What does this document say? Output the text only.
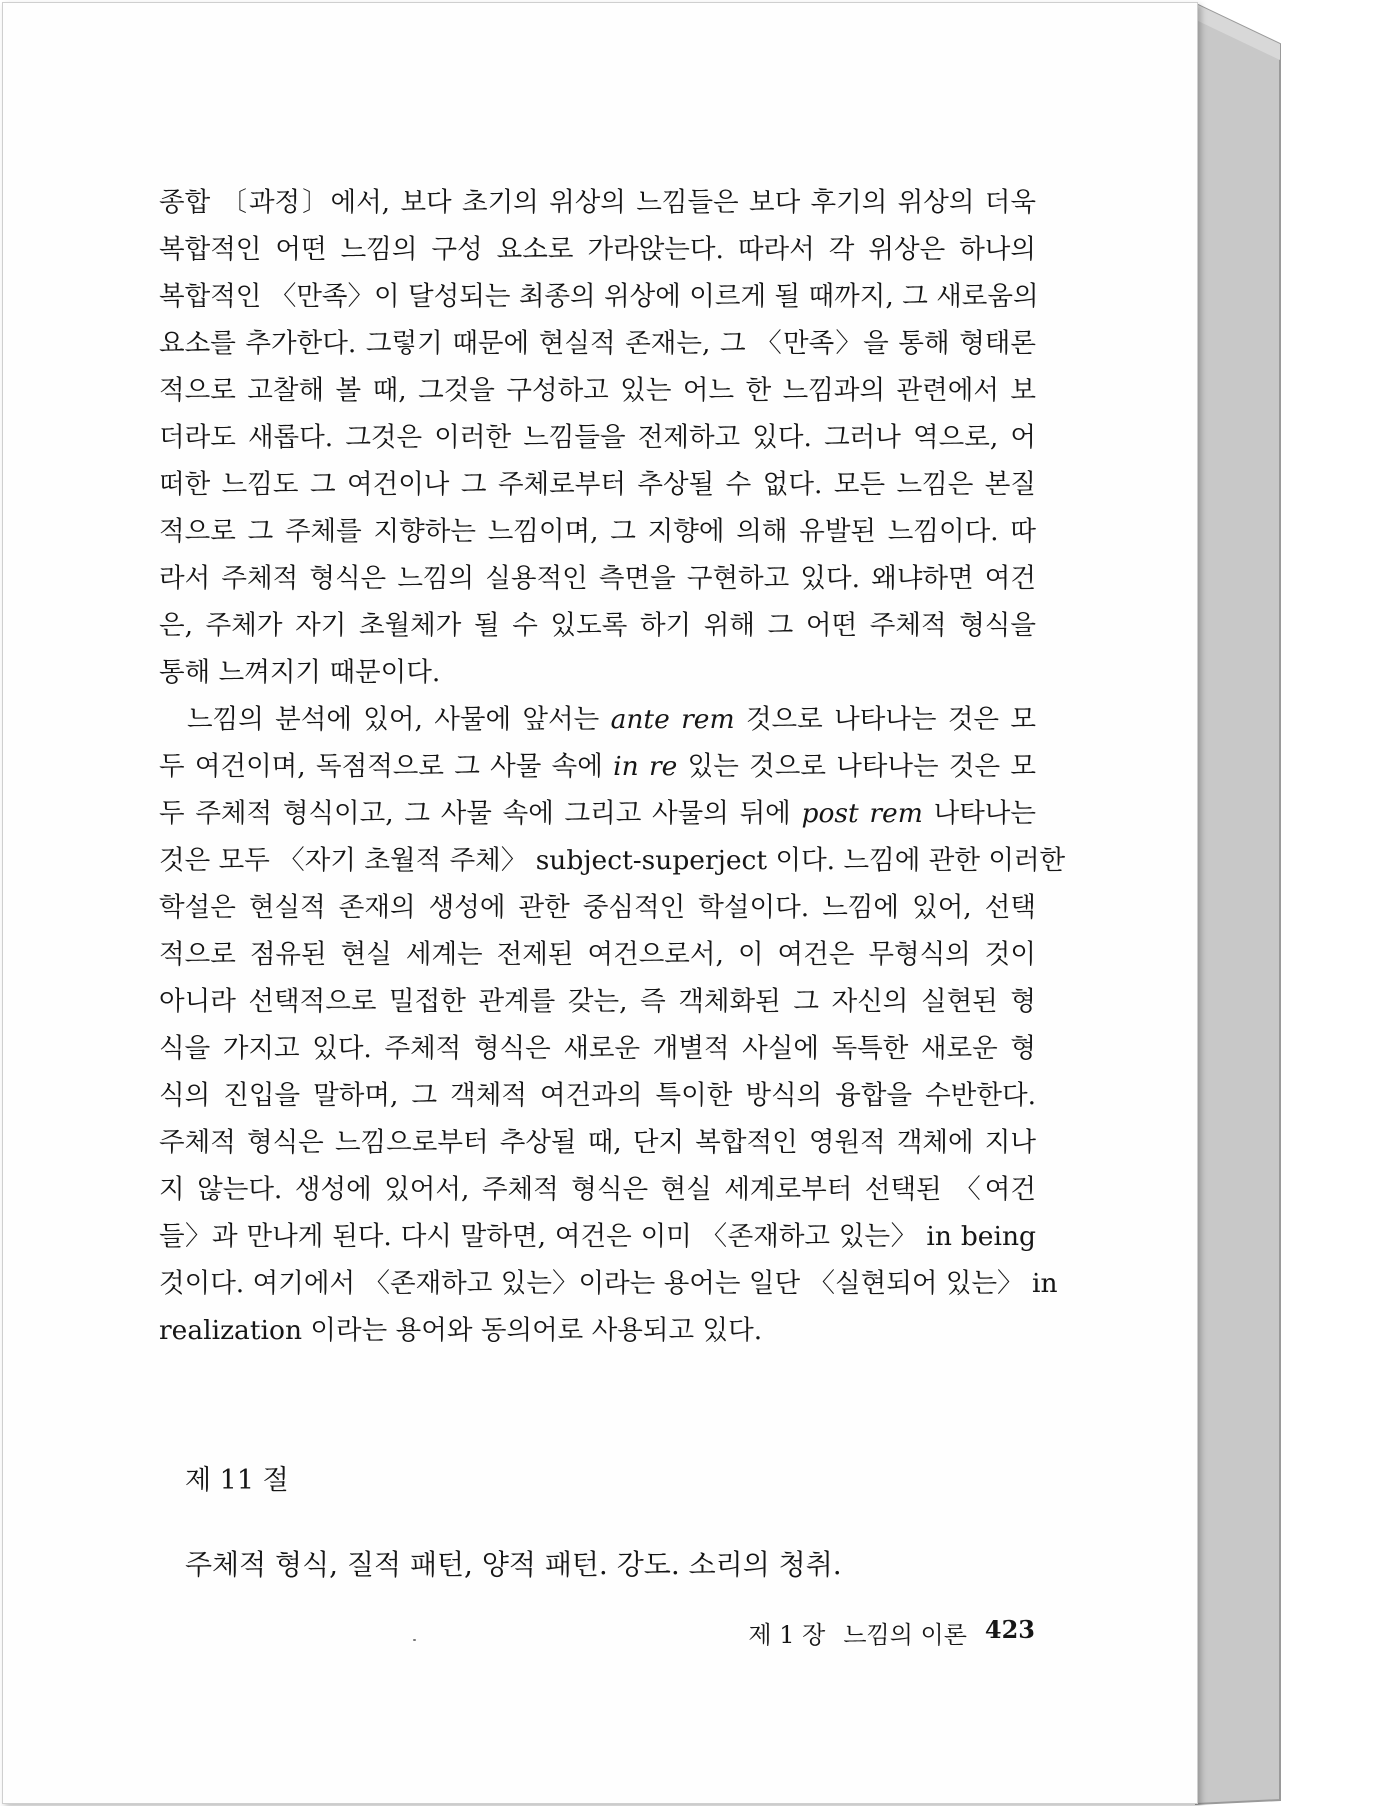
종합 〔과정〕에서, 보다 초기의 위상의 느낌들은 보다 후기의 위상의 더욱
복합적인 어떤 느낌의 구성 요소로 가라앉는다. 따라서 각 위상은 하나의
복합적인 〈만족〉이 달성되는 최종의 위상에 이르게 될 때까지, 그 새로움의
요소를 추가한다. 그렇기 때문에 현실적 존재는, 그 〈만족〉을 통해 형태론
적으로 고찰해 볼 때, 그것을 구성하고 있는 어느 한 느낌과의 관련에서 보
더라도 새롭다. 그것은 이러한 느낌들을 전제하고 있다. 그러나 역으로, 어
떠한 느낌도 그 여건이나 그 주체로부터 추상될 수 없다. 모든 느낌은 본질
적으로 그 주체를 지향하는 느낌이며, 그 지향에 의해 유발된 느낌이다. 따
라서 주체적 형식은 느낌의 실용적인 측면을 구현하고 있다. 왜냐하면 여건
은, 주체가 자기 초월체가 될 수 있도록 하기 위해 그 어떤 주체적 형식을
통해 느껴지기 때문이다.

느낌의 분석에 있어, 사물에 앞서는 ante rem 것으로 나타나는 것은 모
두 여건이며, 독점적으로 그 사물 속에 in re 있는 것으로 나타나는 것은 모
두 주체적 형식이고, 그 사물 속에 그리고 사물의 뒤에 post rem 나타나는
것은 모두 〈자기 초월적 주체〉 subject-superject 이다. 느낌에 관한 이러한
학설은 현실적 존재의 생성에 관한 중심적인 학설이다. 느낌에 있어, 선택
적으로 점유된 현실 세계는 전제된 여건으로서, 이 여건은 무형식의 것이
아니라 선택적으로 밀접한 관계를 갖는, 즉 객체화된 그 자신의 실현된 형
식을 가지고 있다. 주체적 형식은 새로운 개별적 사실에 독특한 새로운 형
식의 진입을 말하며, 그 객체적 여건과의 특이한 방식의 융합을 수반한다.
주체적 형식은 느낌으로부터 추상될 때, 단지 복합적인 영원적 객체에 지나
지 않는다. 생성에 있어서, 주체적 형식은 현실 세계로부터 선택된 〈여건
들〉과 만나게 된다. 다시 말하면, 여건은 이미 〈존재하고 있는〉 in being
것이다. 여기에서 〈존재하고 있는〉이라는 용어는 일단 〈실현되어 있는〉 in
realization 이라는 용어와 동의어로 사용되고 있다.

제 11 절
주체적 형식, 질적 패턴, 양적 패턴. 강도. 소리의 청취.
제 1 장 느낌의 이론 423
